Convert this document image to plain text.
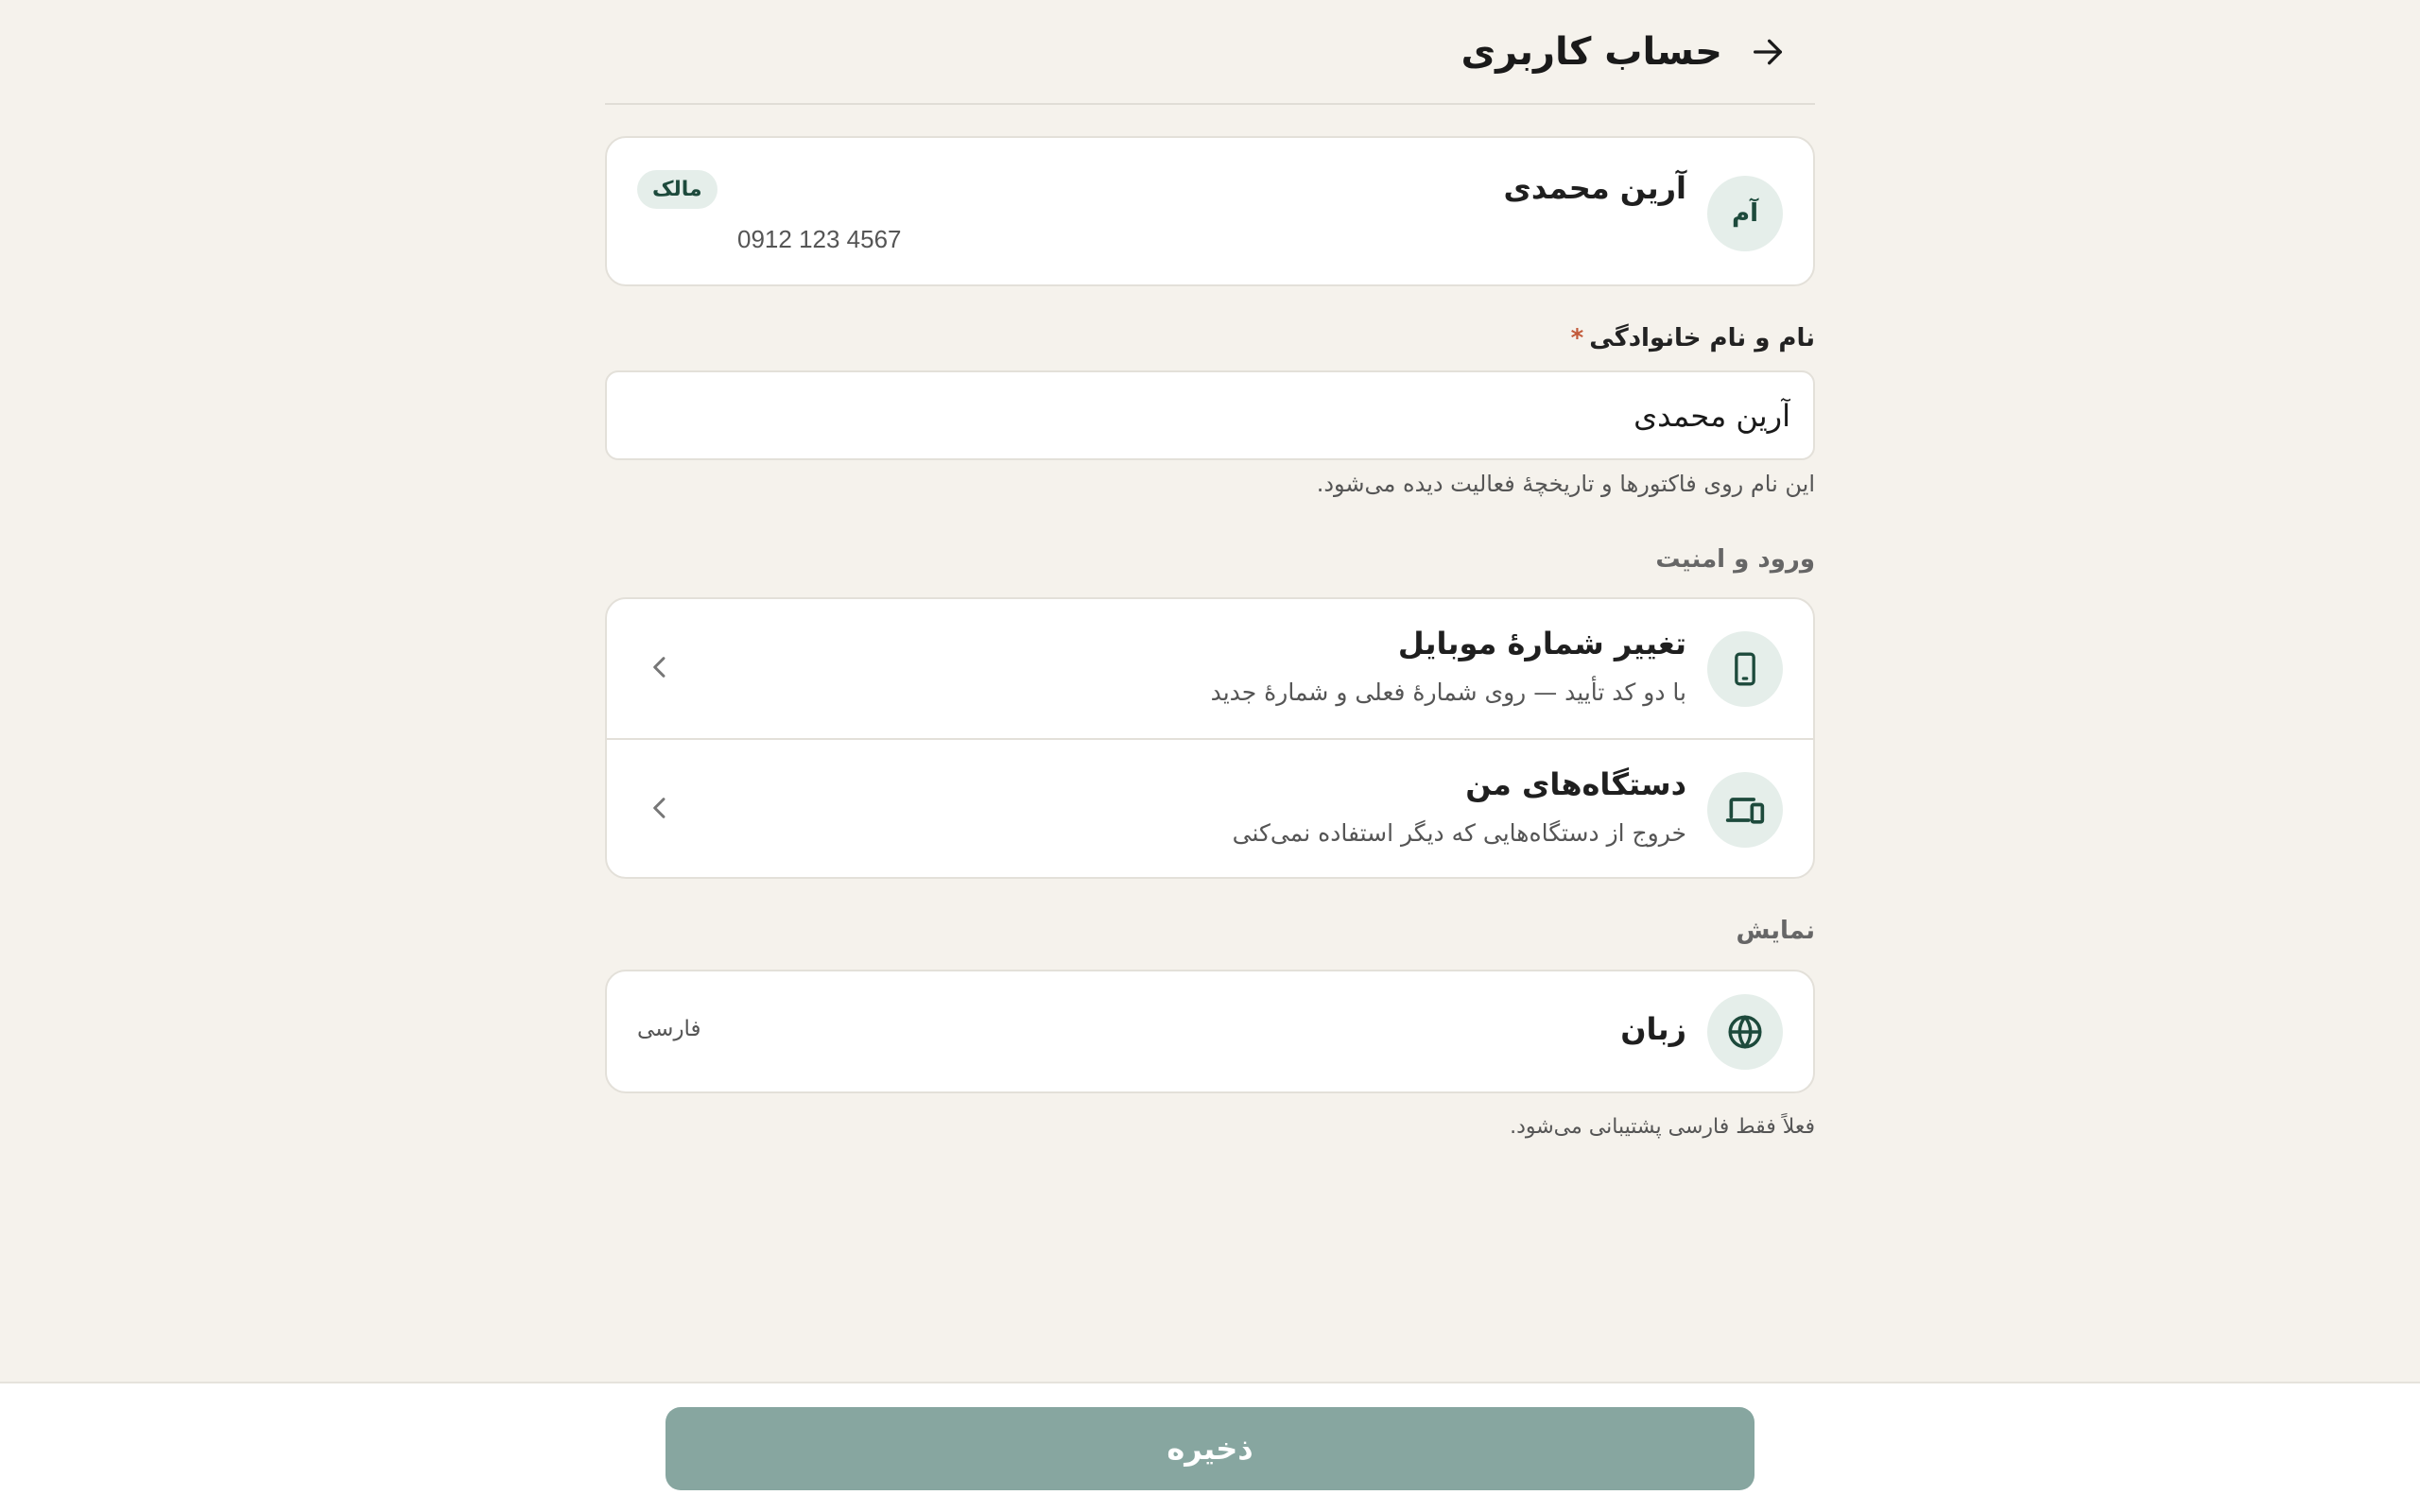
حساب کاربری
آم
آرین محمدی
0912 123 4567
مالک
نام و نام خانوادگی*
آرین محمدی
این نام روی فاکتورها و تاریخچهٔ فعالیت دیده می‌شود.
ورود و امنیت
تغییر شمارهٔ موبایل
با دو کد تأیید — روی شمارهٔ فعلی و شمارهٔ جدید
دستگاه‌های من
خروج از دستگاه‌هایی که دیگر استفاده نمی‌کنی
نمایش
زبان
فارسی
فعلاً فقط فارسی پشتیبانی می‌شود.
ذخیره
